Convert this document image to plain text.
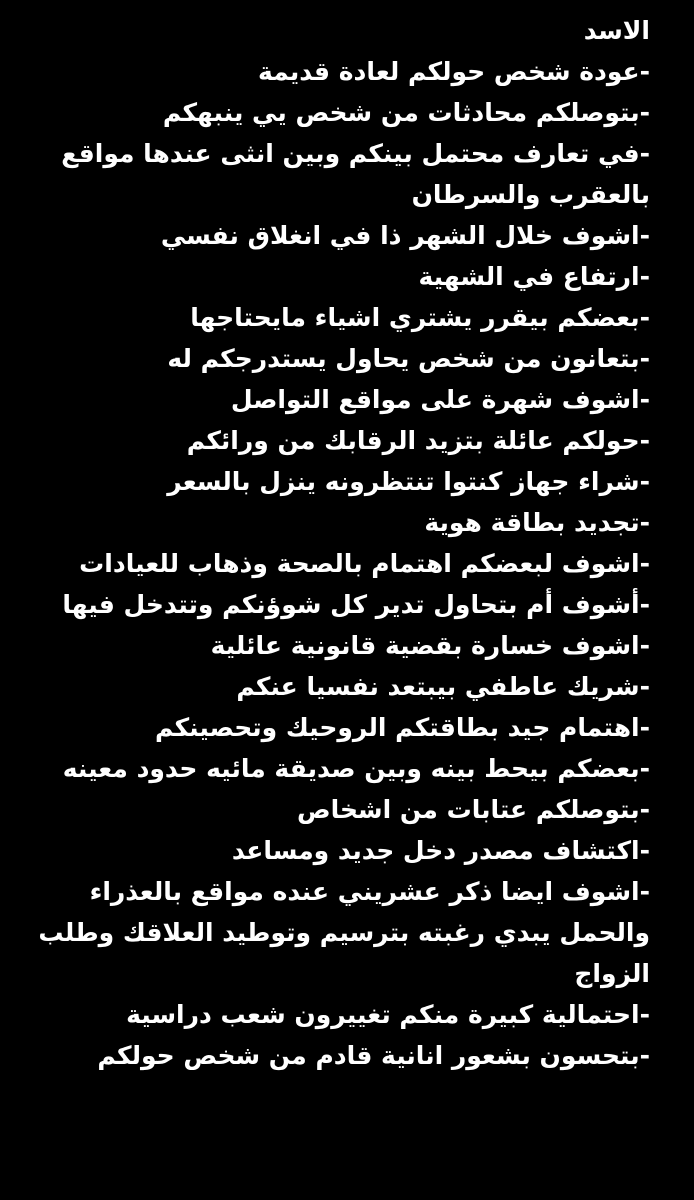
الاسد
-عودة شخص حولكم لعادة قديمة
-بتوصلكم محادثات من شخص يي ينبهكم
-في تعارف محتمل بينكم وبين انثى عندها مواقع
بالعقرب والسرطان
-اشوف خلال الشهر ذا في انغلاق نفسي
-ارتفاع في الشهية
-بعضكم بيقرر يشتري اشياء مايحتاجها
-بتعانون من شخص يحاول يستدرجكم له
-اشوف شهرة على مواقع التواصل
-حولكم عائلة بتزيد الرقابك من ورائكم
-شراء جهاز كنتوا تنتظرونه ينزل بالسعر
-تجديد بطاقة هوية
-اشوف لبعضكم اهتمام بالصحة وذهاب للعيادات
-أشوف أم بتحاول تدير كل شوؤنكم وتتدخل فيها
-اشوف خسارة بقضية قانونية عائلية
-شريك عاطفي بيبتعد نفسيا عنكم
-اهتمام جيد بطاقتكم الروحيك وتحصينكم
-بعضكم بيحط بينه وبين صديقة مائيه حدود معينه
-بتوصلكم عتابات من اشخاص
-اكتشاف مصدر دخل جديد ومساعد
-اشوف ايضا ذكر عشريني عنده مواقع بالعذراء
والحمل يبدي رغبته بترسيم وتوطيد العلاقك وطلب
الزواج
-احتمالية كبيرة منكم تغييرون شعب دراسية
-بتحسون بشعور انانية قادم من شخص حولكم
